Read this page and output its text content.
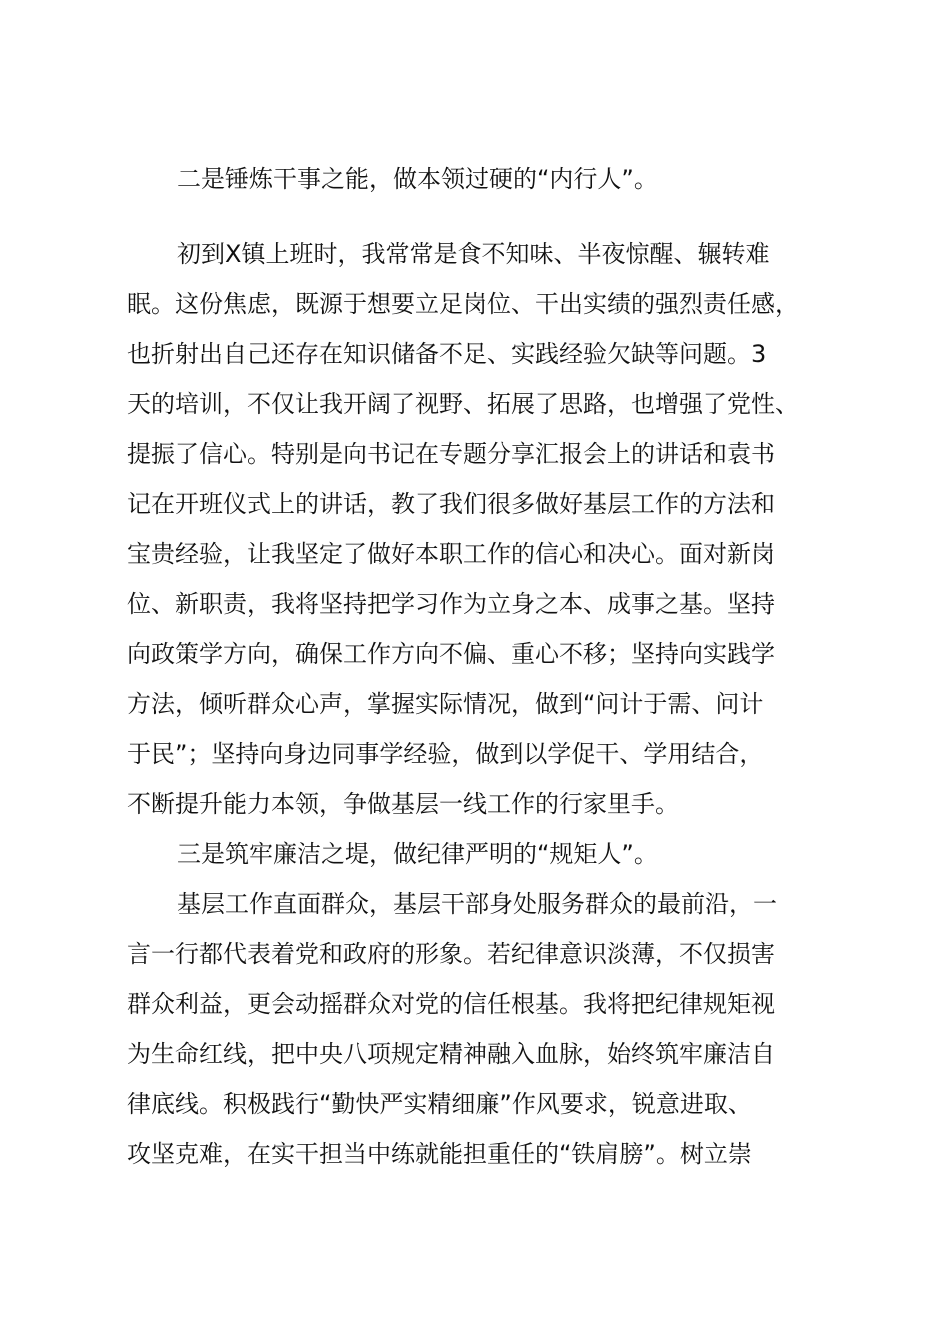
二是锤炼干事之能，做本领过硬的“内行人”。
初到X镇上班时，我常常是食不知味、半夜惊醒、辗转难
眠。这份焦虑，既源于想要立足岗位、干出实绩的强烈责任感，
也折射出自己还存在知识储备不足、实践经验欠缺等问题。3
天的培训，不仅让我开阔了视野、拓展了思路，也增强了党性、
提振了信心。特别是向书记在专题分享汇报会上的讲话和袁书
记在开班仪式上的讲话，教了我们很多做好基层工作的方法和
宝贵经验，让我坚定了做好本职工作的信心和决心。面对新岗
位、新职责，我将坚持把学习作为立身之本、成事之基。坚持
向政策学方向，确保工作方向不偏、重心不移；坚持向实践学
方法，倾听群众心声，掌握实际情况，做到“问计于需、问计
于民”；坚持向身边同事学经验，做到以学促干、学用结合，
不断提升能力本领，争做基层一线工作的行家里手。
三是筑牢廉洁之堤，做纪律严明的“规矩人”。
基层工作直面群众，基层干部身处服务群众的最前沿，一
言一行都代表着党和政府的形象。若纪律意识淡薄，不仅损害
群众利益，更会动摇群众对党的信任根基。我将把纪律规矩视
为生命红线，把中央八项规定精神融入血脉，始终筑牢廉洁自
律底线。积极践行“勤快严实精细廉”作风要求，锐意进取、
攻坚克难，在实干担当中练就能担重任的“铁肩膀”。树立崇
